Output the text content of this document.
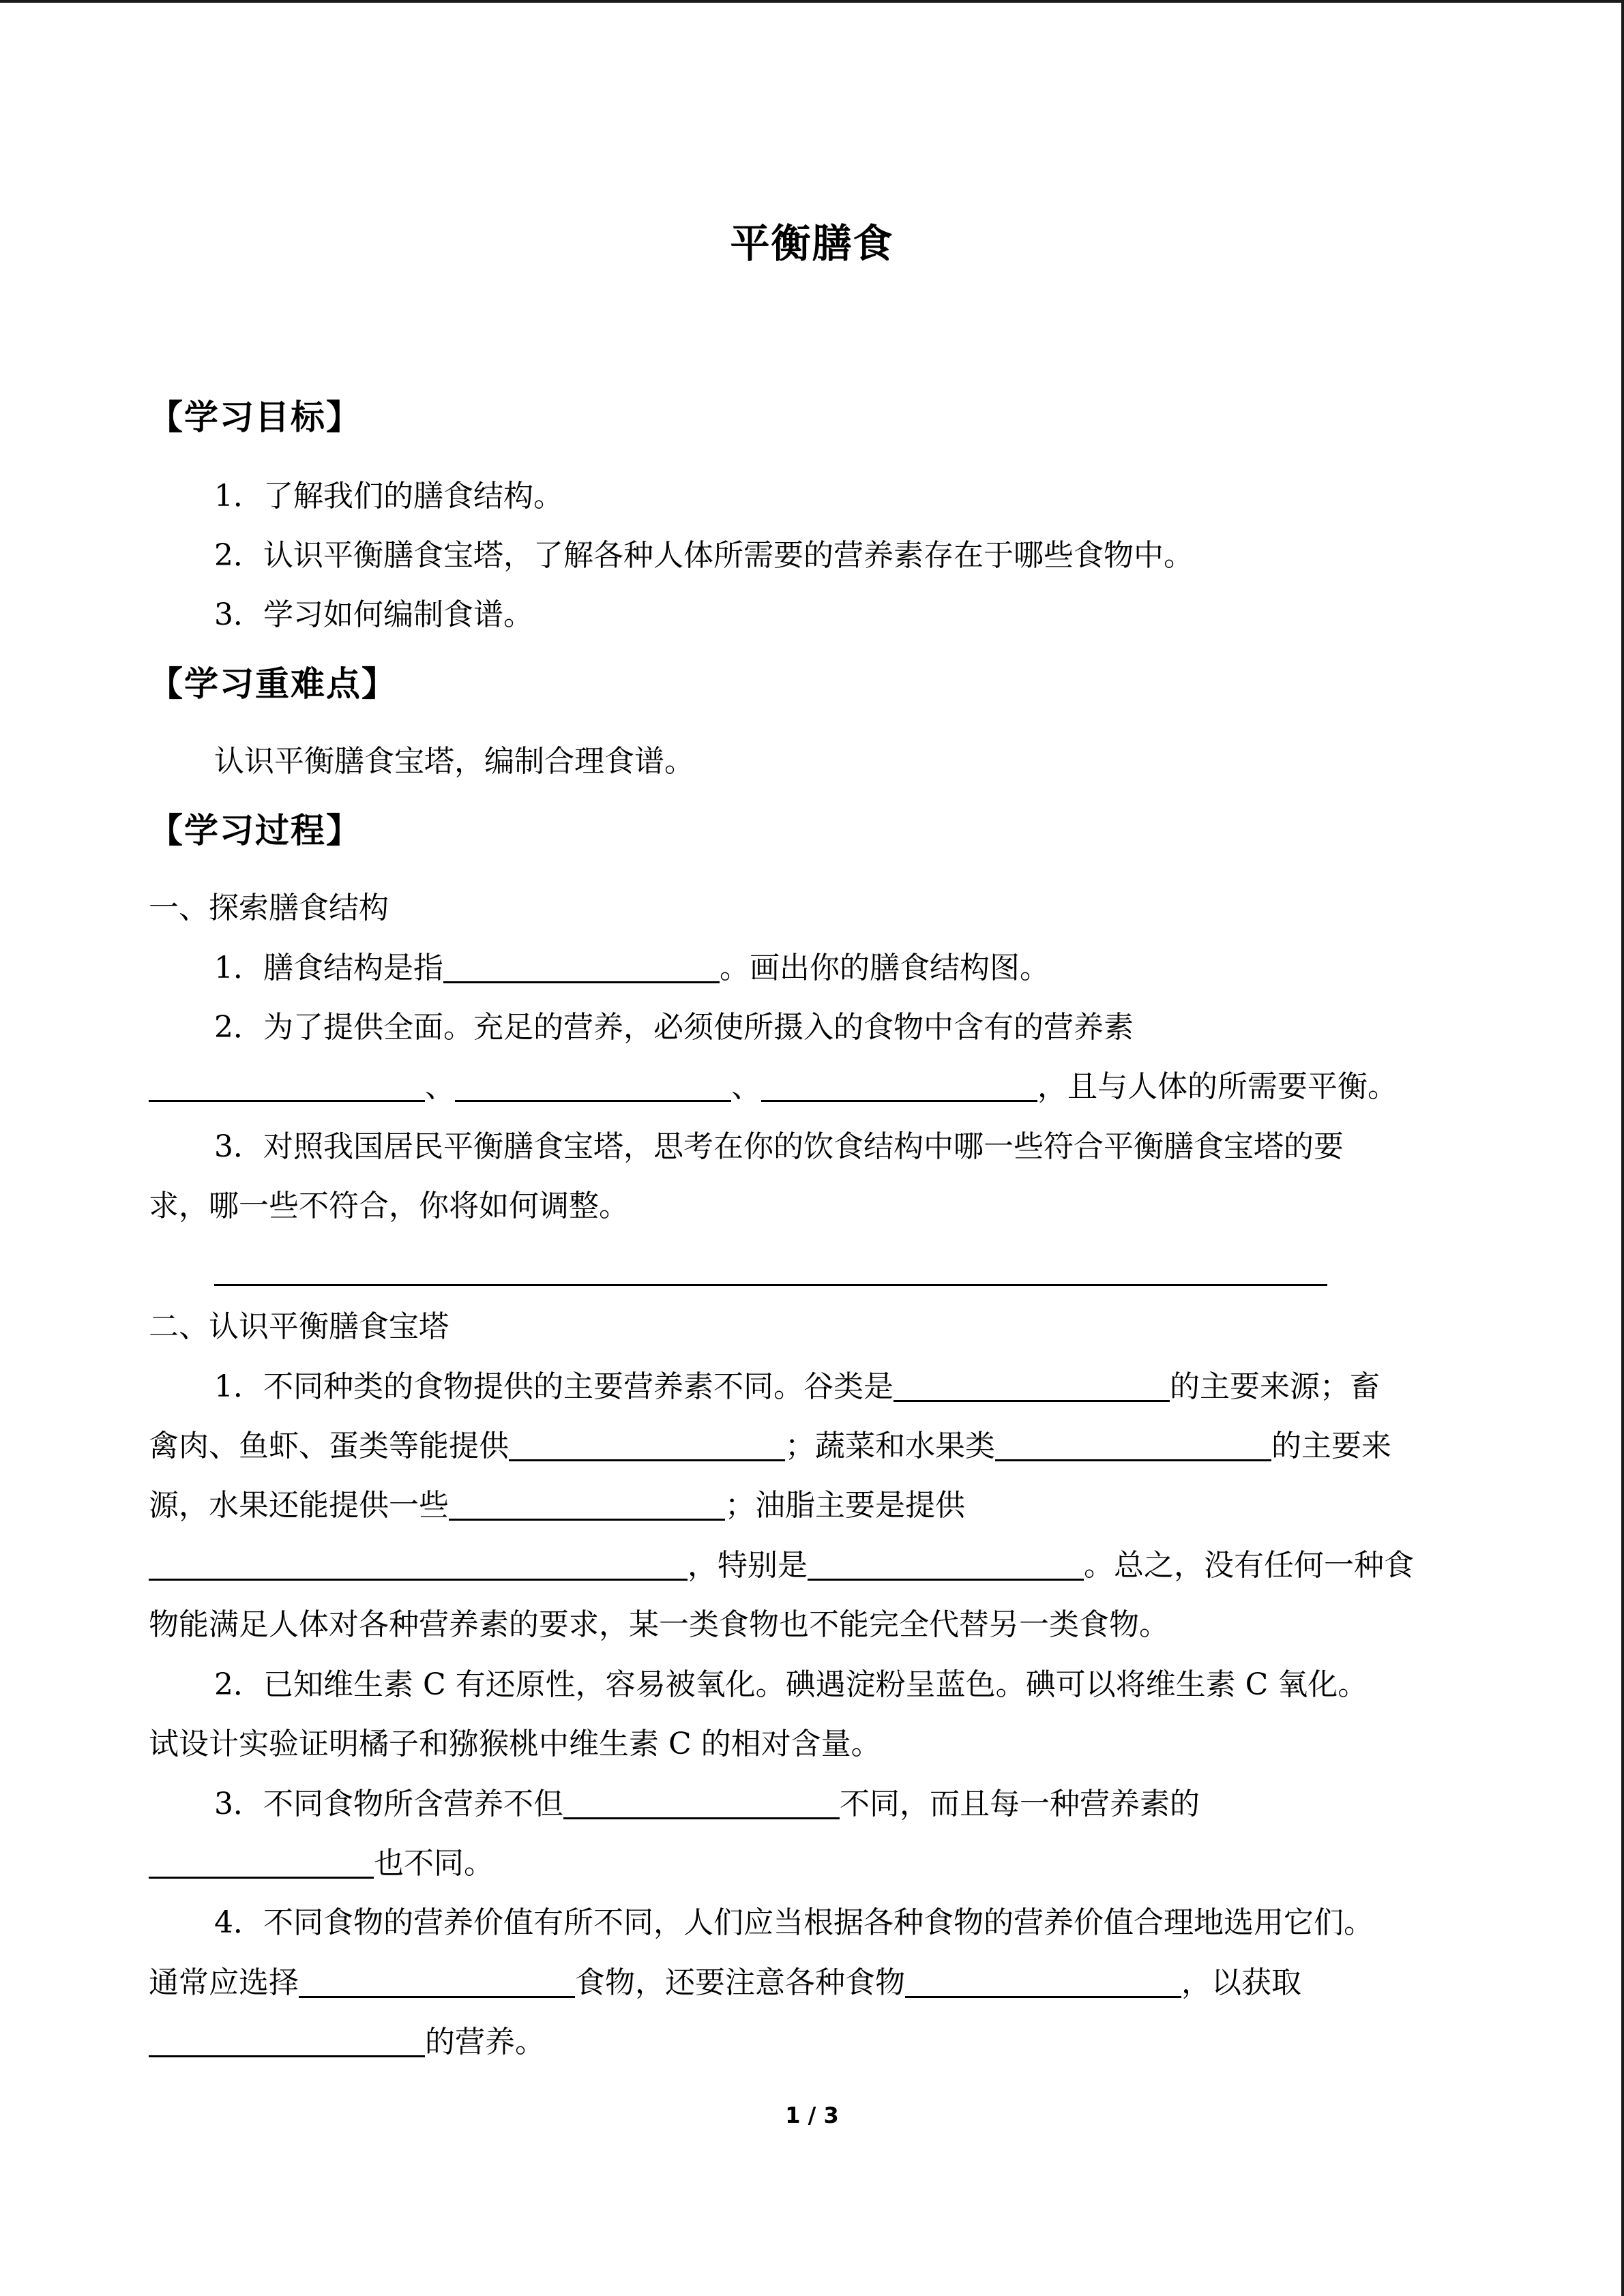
平衡膳食
【学习目标】
1．了解我们的膳食结构。
2．认识平衡膳食宝塔，了解各种人体所需要的营养素存在于哪些食物中。
3．学习如何编制食谱。
【学习重难点】
认识平衡膳食宝塔，编制合理食谱。
【学习过程】
一、探索膳食结构
1．膳食结构是指	。画出你的膳食结构图。
2．为了提供全面。充足的营养，必须使所摄入的食物中含有的营养素
、	、	，且与人体的所需要平衡。
3．对照我国居民平衡膳食宝塔，思考在你的饮食结构中哪一些符合平衡膳食宝塔的要
求，哪一些不符合，你将如何调整。
二、认识平衡膳食宝塔
1．不同种类的食物提供的主要营养素不同。谷类是	的主要来源；畜
禽肉、鱼虾、蛋类等能提供	；蔬菜和水果类	的主要来
源，水果还能提供一些	；油脂主要是提供
，特别是	。总之，没有任何一种食
物能满足人体对各种营养素的要求，某一类食物也不能完全代替另一类食物。
2．已知维生素 C 有还原性，容易被氧化。碘遇淀粉呈蓝色。碘可以将维生素 C 氧化。
试设计实验证明橘子和猕猴桃中维生素 C 的相对含量。
3．不同食物所含营养不但	不同，而且每一种营养素的
也不同。
4．不同食物的营养价值有所不同，人们应当根据各种食物的营养价值合理地选用它们。
通常应选择	食物，还要注意各种食物	，以获取
的营养。
1 / 3
